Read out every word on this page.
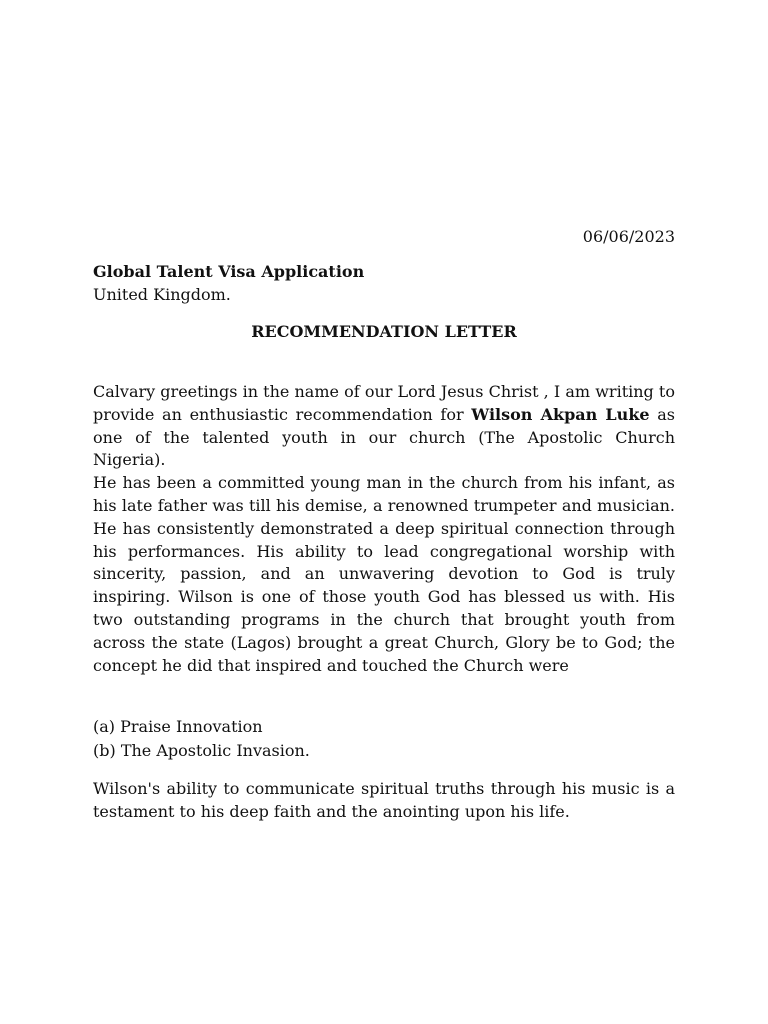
06/06/2023
Global Talent Visa Application
United Kingdom.
RECOMMENDATION LETTER

Calvary greetings in the name of our Lord Jesus Christ , I am writing to provide an enthusiastic recommendation for Wilson Akpan Luke as one of the talented youth in our church (The Apostolic Church Nigeria).

He has been a committed young man in the church from his infant, as his late father was till his demise, a renowned trumpeter and musician. He has consistently demonstrated a deep spiritual connection through his performances. His ability to lead congregational worship with sincerity, passion, and an unwavering devotion to God is truly inspiring. Wilson is one of those youth God has blessed us with. His two outstanding programs in the church that brought youth from across the state (Lagos) brought a great Church, Glory be to God; the concept he did that inspired and touched the Church were

(a) Praise Innovation
(b) The Apostolic Invasion.

Wilson's ability to communicate spiritual truths through his music is a testament to his deep faith and the anointing upon his life.
